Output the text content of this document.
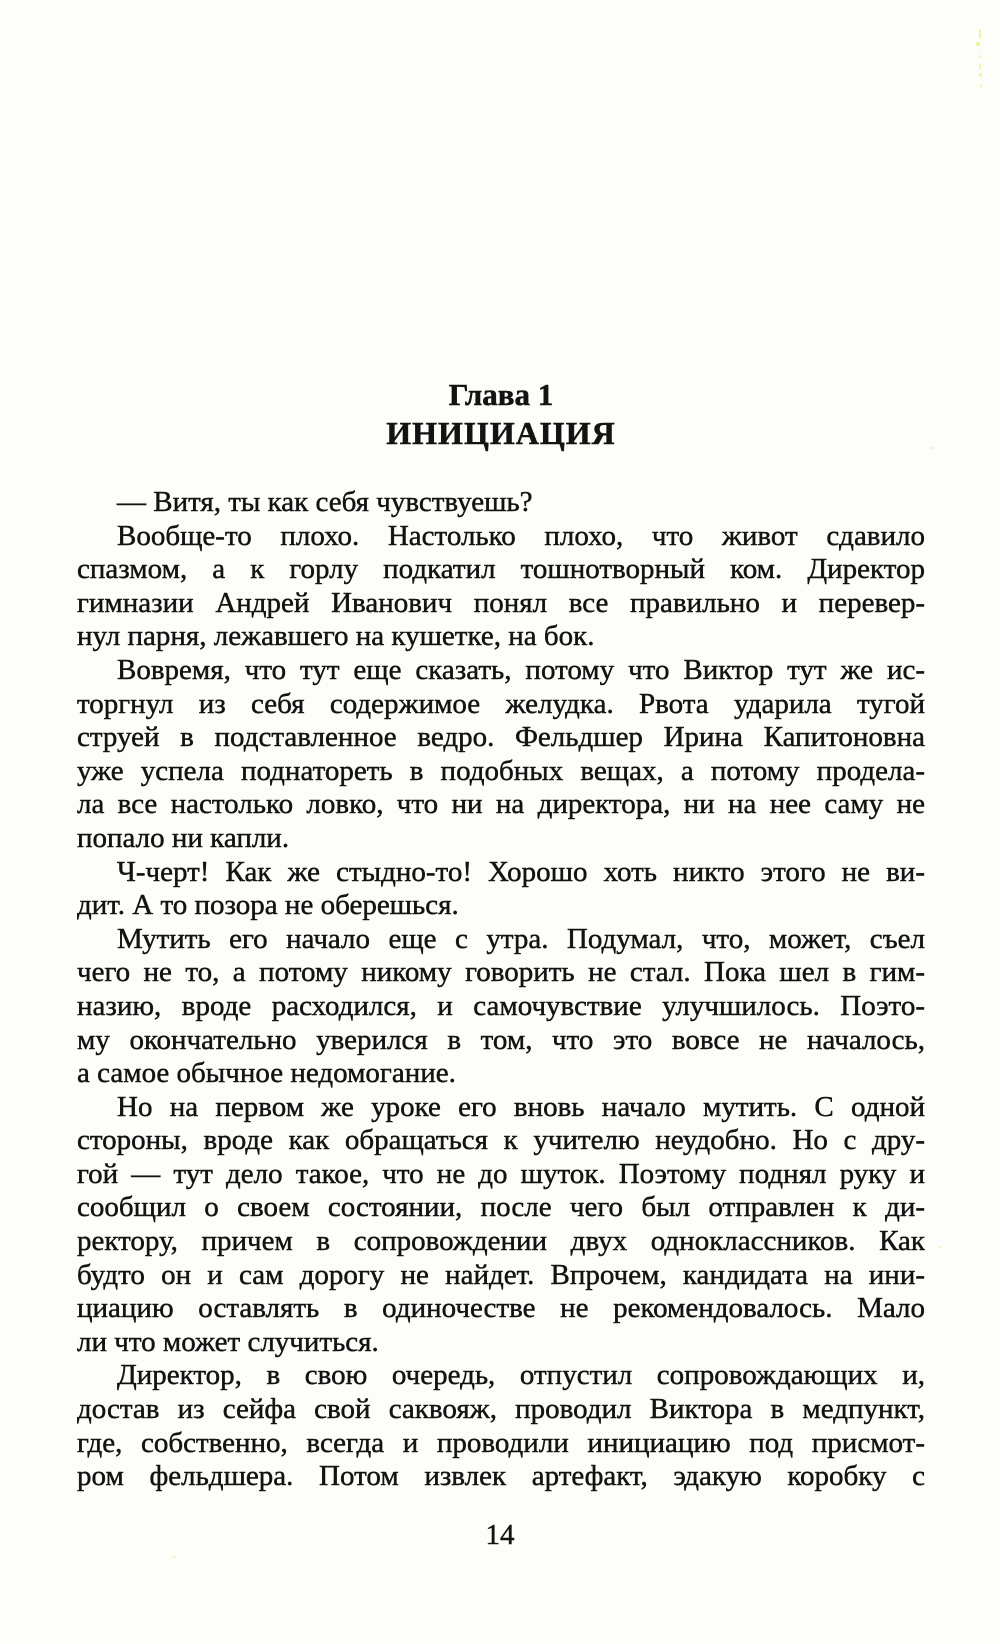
Глава 1
ИНИЦИАЦИЯ
— Витя, ты как себя чувствуешь?
Вообще-то плохо. Настолько плохо, что живот сдавило
спазмом, а к горлу подкатил тошнотворный ком. Директор
гимназии Андрей Иванович понял все правильно и перевер-
нул парня, лежавшего на кушетке, на бок.
Вовремя, что тут еще сказать, потому что Виктор тут же ис-
торгнул из себя содержимое желудка. Рвота ударила тугой
струей в подставленное ведро. Фельдшер Ирина Капитоновна
уже успела поднатореть в подобных вещах, а потому продела-
ла все настолько ловко, что ни на директора, ни на нее саму не
попало ни капли.
Ч-черт! Как же стыдно-то! Хорошо хоть никто этого не ви-
дит. А то позора не оберешься.
Мутить его начало еще с утра. Подумал, что, может, съел
чего не то, а потому никому говорить не стал. Пока шел в гим-
назию, вроде расходился, и самочувствие улучшилось. Поэто-
му окончательно уверился в том, что это вовсе не началось,
а самое обычное недомогание.
Но на первом же уроке его вновь начало мутить. С одной
стороны, вроде как обращаться к учителю неудобно. Но с дру-
гой — тут дело такое, что не до шуток. Поэтому поднял руку и
сообщил о своем состоянии, после чего был отправлен к ди-
ректору, причем в сопровождении двух одноклассников. Как
будто он и сам дорогу не найдет. Впрочем, кандидата на ини-
циацию оставлять в одиночестве не рекомендовалось. Мало
ли что может случиться.
Директор, в свою очередь, отпустил сопровождающих и,
достав из сейфа свой саквояж, проводил Виктора в медпункт,
где, собственно, всегда и проводили инициацию под присмот-
ром фельдшера. Потом извлек артефакт, эдакую коробку с
14
